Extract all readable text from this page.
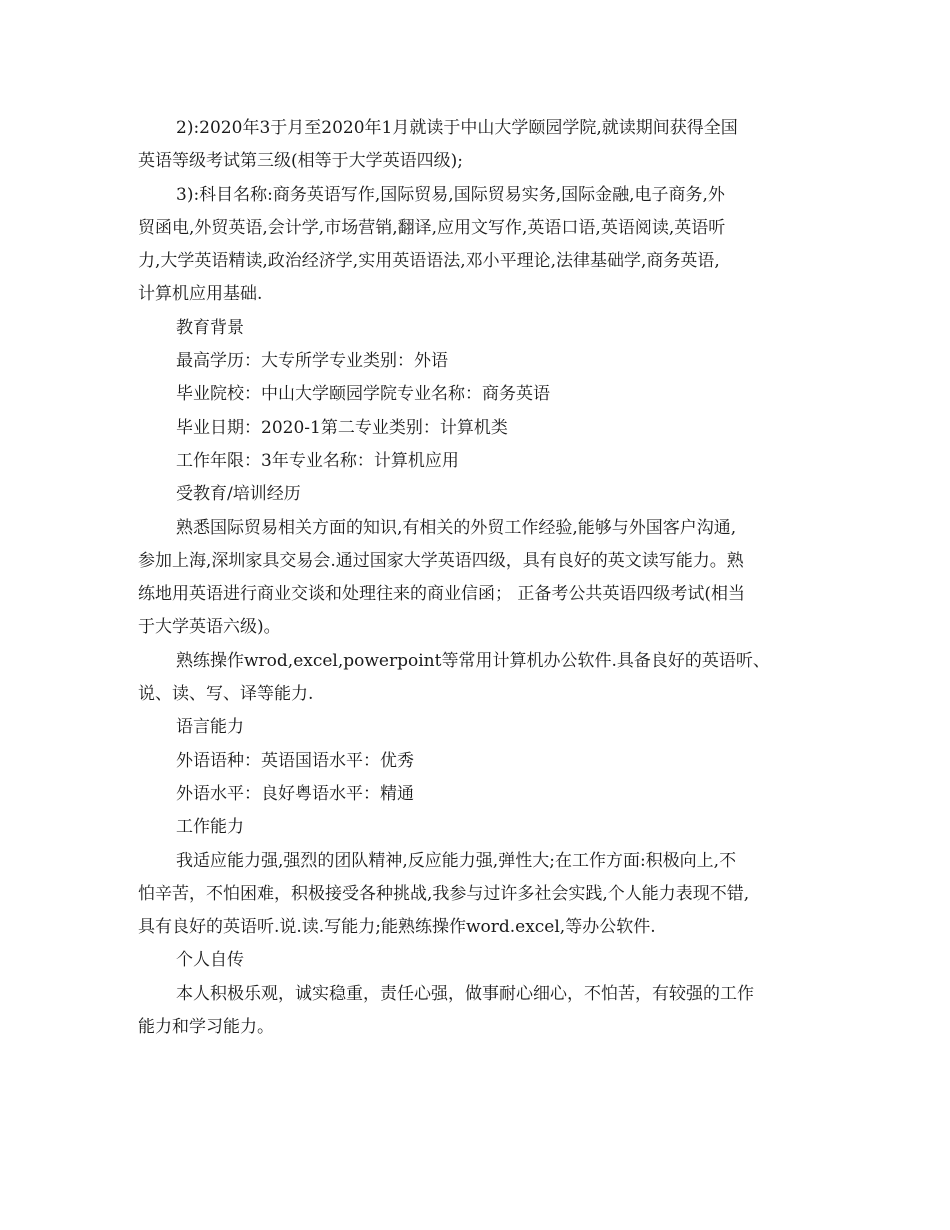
2):2020年3于月至2020年1月就读于中山大学颐园学院,就读期间获得全国
英语等级考试第三级(相等于大学英语四级);
3):科目名称:商务英语写作,国际贸易,国际贸易实务,国际金融,电子商务,外
贸函电,外贸英语,会计学,市场营销,翻译,应用文写作,英语口语,英语阅读,英语听
力,大学英语精读,政治经济学,实用英语语法,邓小平理论,法律基础学,商务英语,
计算机应用基础.
教育背景
最高学历：大专所学专业类别：外语
毕业院校：中山大学颐园学院专业名称：商务英语
毕业日期：2020-1第二专业类别：计算机类
工作年限：3年专业名称：计算机应用
受教育/培训经历
熟悉国际贸易相关方面的知识,有相关的外贸工作经验,能够与外国客户沟通,
参加上海,深圳家具交易会.通过国家大学英语四级，具有良好的英文读写能力。熟
练地用英语进行商业交谈和处理往来的商业信函； 正备考公共英语四级考试(相当
于大学英语六级)。
熟练操作wrod,excel,powerpoint等常用计算机办公软件.具备良好的英语听、
说、读、写、译等能力.
语言能力
外语语种：英语国语水平：优秀
外语水平：良好粤语水平：精通
工作能力
我适应能力强,强烈的团队精神,反应能力强,弹性大;在工作方面:积极向上,不
怕辛苦，不怕困难，积极接受各种挑战,我参与过许多社会实践,个人能力表现不错,
具有良好的英语听.说.读.写能力;能熟练操作word.excel,等办公软件.
个人自传
本人积极乐观，诚实稳重，责任心强，做事耐心细心，不怕苦，有较强的工作
能力和学习能力。
